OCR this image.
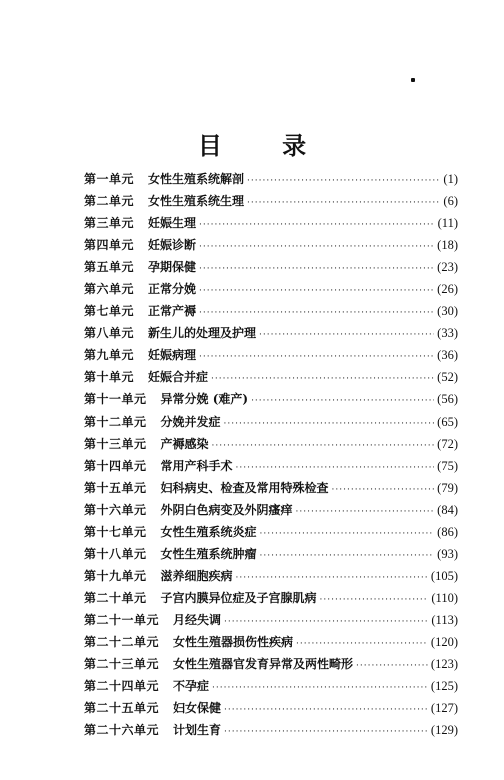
目 录
第一单元 女性生殖系统解剖 ·····	(1)
第二单元 女性生殖系统生理 ·····	(6)
第三单元 妊娠生理 ·····	(11)
第四单元 妊娠诊断 ·····	(18)
第五单元 孕期保健 ·····	(23)
第六单元 正常分娩 ·····	(26)
第七单元 正常产褥 ·····	(30)
第八单元 新生儿的处理及护理 ·····	(33)
第九单元 妊娠病理 ·····	(36)
第十单元 妊娠合并症 ·····	(52)
第十一单元 异常分娩 (难产) ·····	(56)
第十二单元 分娩并发症 ·····	(65)
第十三单元 产褥感染 ·····	(72)
第十四单元 常用产科手术 ·····	(75)
第十五单元 妇科病史、检查及常用特殊检查 ·····	(79)
第十六单元 外阴白色病变及外阴瘙痒 ·····	(84)
第十七单元 女性生殖系统炎症 ·····	(86)
第十八单元 女性生殖系统肿瘤 ·····	(93)
第十九单元 滋养细胞疾病 ·····	(105)
第二十单元 子宫内膜异位症及子宫腺肌病 ·····	(110)
第二十一单元 月经失调 ·····	(113)
第二十二单元 女性生殖器损伤性疾病 ·····	(120)
第二十三单元 女性生殖器官发育异常及两性畸形 ·····	(123)
第二十四单元 不孕症 ·····	(125)
第二十五单元 妇女保健 ·····	(127)
第二十六单元 计划生育 ·····	(129)
